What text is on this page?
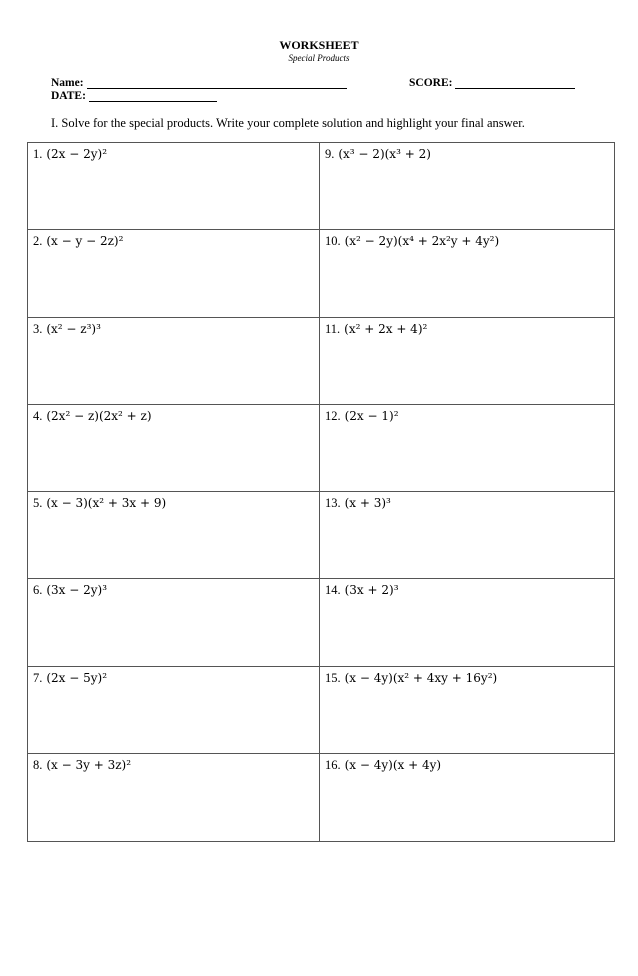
WORKSHEET
Special Products
Name:	SCORE:
DATE:
I. Solve for the special products. Write your complete solution and highlight your final answer.
1. (2x − 2y)²	9. (x³ − 2)(x³ + 2)
2. (x − y − 2z)²	10. (x² − 2y)(x⁴ + 2x²y + 4y²)
3. (x² − z³)³	11. (x² + 2x + 4)²
4. (2x² − z)(2x² + z)	12. (2x − 1)²
5. (x − 3)(x² + 3x + 9)	13. (x + 3)³
6. (3x − 2y)³	14. (3x + 2)³
7. (2x − 5y)²	15. (x − 4y)(x² + 4xy + 16y²)
8. (x − 3y + 3z)²	16. (x − 4y)(x + 4y)
